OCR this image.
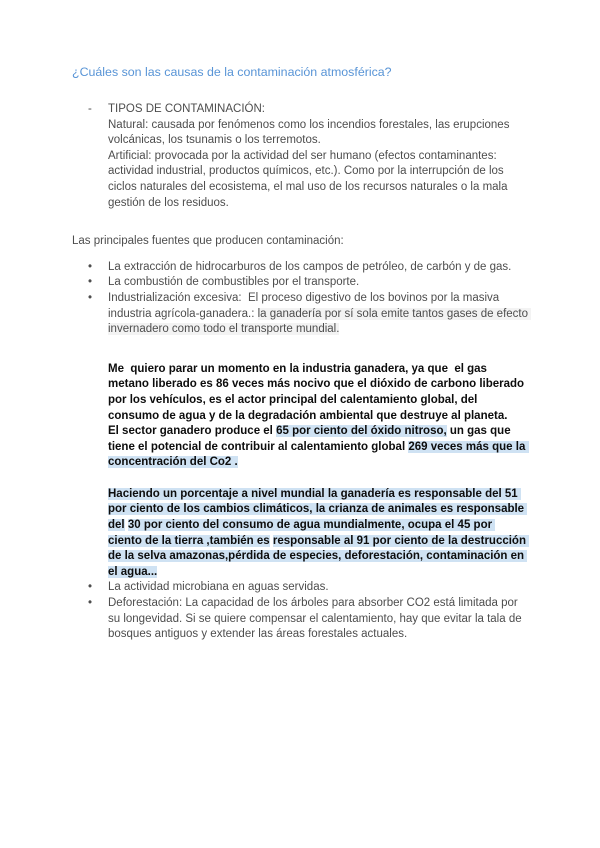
¿Cuáles son las causas de la contaminación atmosférica?
-	TIPOS DE CONTAMINACIÓN:

Natural: causada por fenómenos como los incendios forestales, las erupciones volcánicas, los tsunamis o los terremotos.

Artificial: provocada por la actividad del ser humano (efectos contaminantes: actividad industrial, productos químicos, etc.). Como por la interrupción de los ciclos naturales del ecosistema, el mal uso de los recursos naturales o la mala gestión de los residuos.

Las principales fuentes que producen contaminación:

•	La extracción de hidrocarburos de los campos de petróleo, de carbón y de gas.
•	La combustión de combustibles por el transporte.
•	Industrialización excesiva:  El proceso digestivo de los bovinos por la masiva industria agrícola-ganadera.: la ganadería por sí sola emite tantos gases de efecto invernadero como todo el transporte mundial.

Me  quiero parar un momento en la industria ganadera, ya que  el gas metano liberado es 86 veces más nocivo que el dióxido de carbono liberado por los vehículos, es el actor principal del calentamiento global, del consumo de agua y de la degradación ambiental que destruye al planeta.

El sector ganadero produce el 65 por ciento del óxido nitroso, un gas que tiene el potencial de contribuir al calentamiento global 269 veces más que la concentración del Co2 .

Haciendo un porcentaje a nivel mundial la ganadería es responsable del 51 por ciento de los cambios climáticos, la crianza de animales es responsable del 30 por ciento del consumo de agua mundialmente, ocupa el 45 por ciento de la tierra ,también es responsable al 91 por ciento de la destrucción de la selva amazonas,pérdida de especies, deforestación, contaminación en el agua...

•	La actividad microbiana en aguas servidas.
•	Deforestación: La capacidad de los árboles para absorber CO2 está limitada por su longevidad. Si se quiere compensar el calentamiento, hay que evitar la tala de bosques antiguos y extender las áreas forestales actuales.
